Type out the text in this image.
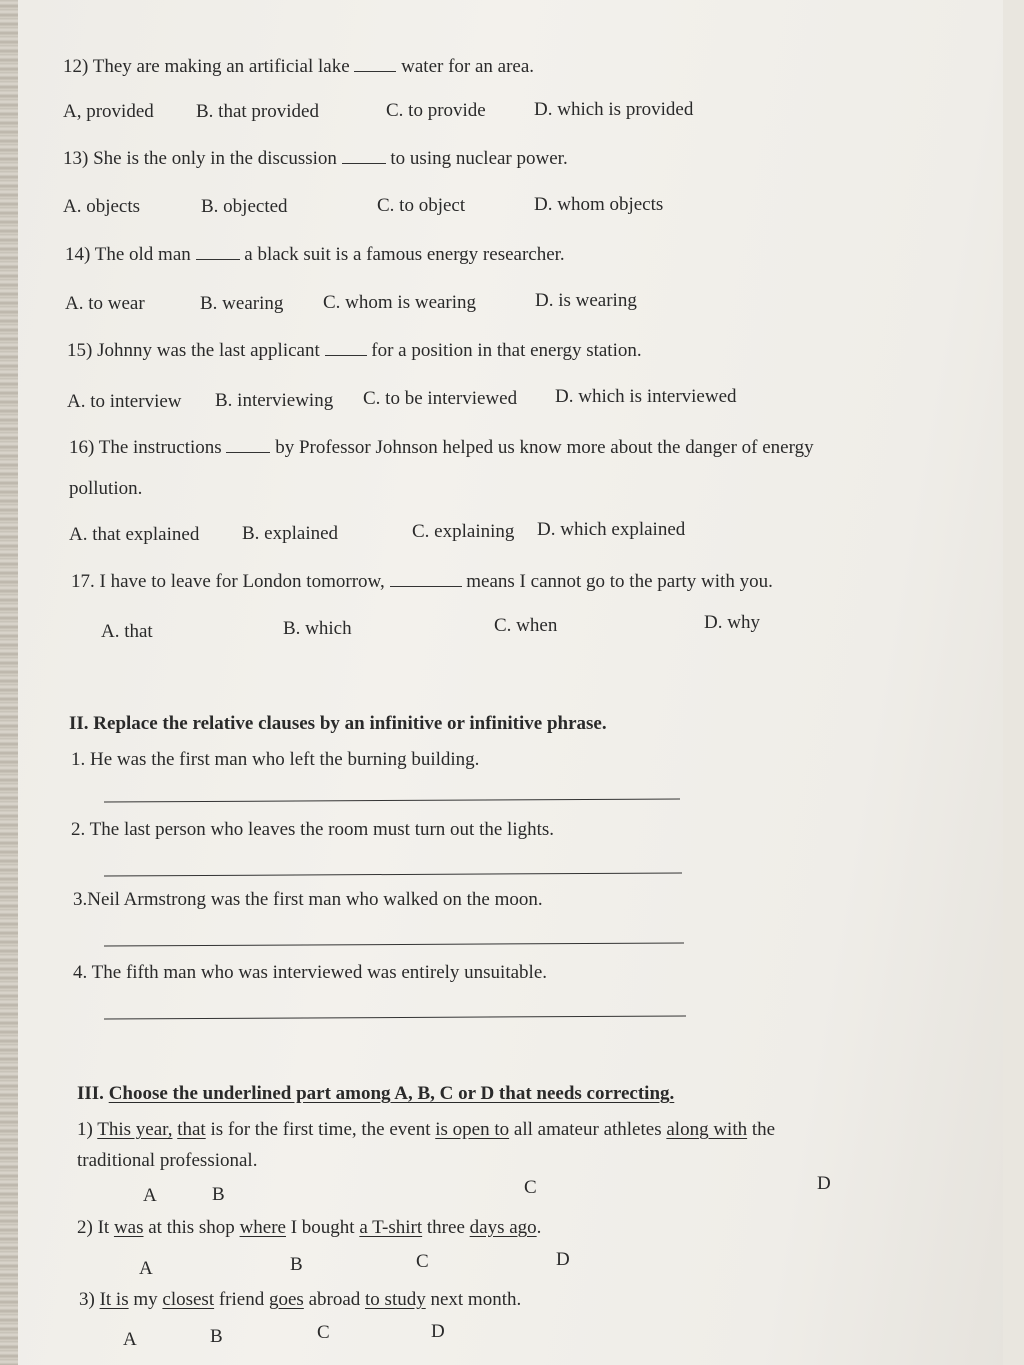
12) They are making an artificial lake	water for an area.
A, provided B. that provided	C. to provide	D. which is provided
13) She is the only in the discussion	to using nuclear power.
A. objects	B. objected	C. to object	D. whom objects
14) The old man	a black suit is a famous energy researcher.
A. to wear	B. wearing C. whom is wearing	D. is wearing
15) Johnny was the last applicant	for a position in that energy station.
A. to interview B. interviewing C. to be interviewed D. which is interviewed
16) The instructions	by Professor Johnson helped us know more about the danger of energy
pollution.
A. that explained B. explained	C. explaining D. which explained
17. I have to leave for London tomorrow,	means I cannot go to the party with you.
A. that	B. which	C. when	D. why
II. Replace the relative clauses by an infinitive or infinitive phrase.
1. He was the first man who left the burning building.
2. The last person who leaves the room must turn out the lights.
3.Neil Armstrong was the first man who walked on the moon.
4. The fifth man who was interviewed was entirely unsuitable.
III. Choose the underlined part among A, B, C or D that needs correcting.
1) This year, that is for the first time, the event is open to all amateur athletes along with the
traditional professional.
A	B	C	D
2) It was at this shop where I bought a T-shirt three days ago.
A	B	C	D
3) It is my closest friend goes abroad to study next month.
A	B	C	D
